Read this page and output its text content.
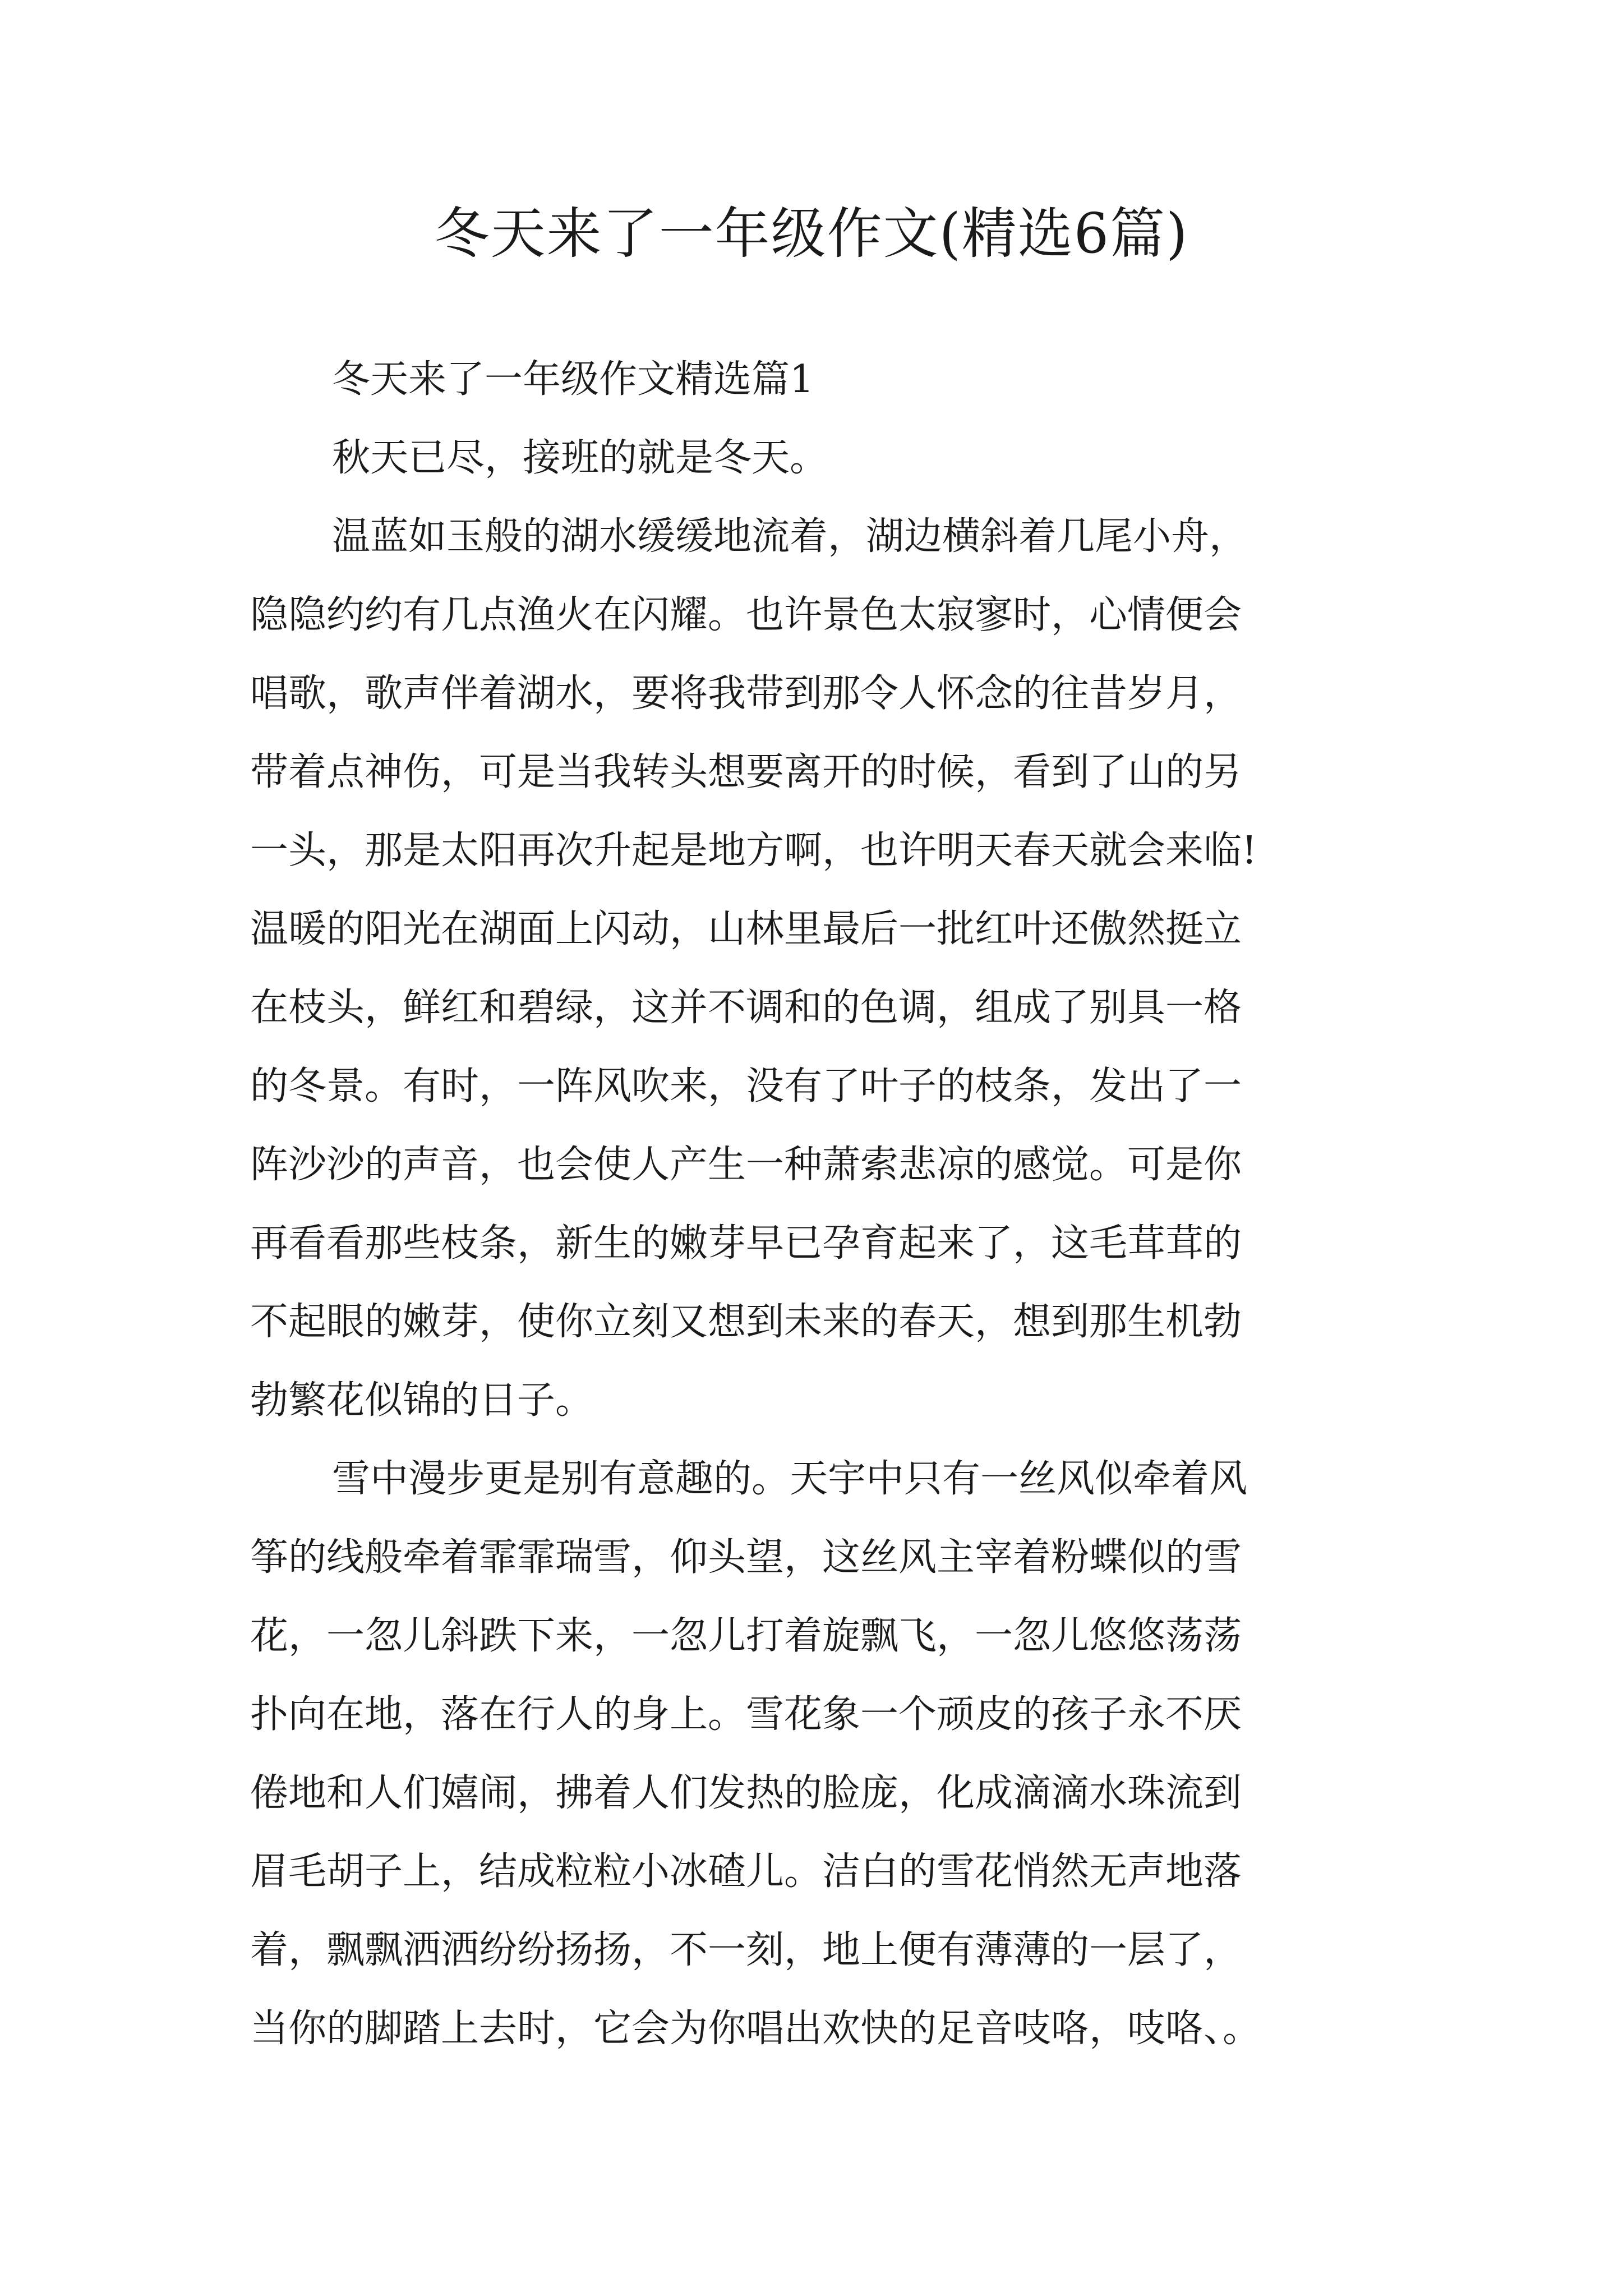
冬天来了一年级作文(精选6篇)
冬天来了一年级作文精选篇1
秋天已尽，接班的就是冬天。
温蓝如玉般的湖水缓缓地流着，湖边横斜着几尾小舟，
隐隐约约有几点渔火在闪耀。也许景色太寂寥时，心情便会
唱歌，歌声伴着湖水，要将我带到那令人怀念的往昔岁月，
带着点神伤，可是当我转头想要离开的时候，看到了山的另
一头，那是太阳再次升起是地方啊，也许明天春天就会来临!
温暖的阳光在湖面上闪动，山林里最后一批红叶还傲然挺立
在枝头，鲜红和碧绿，这并不调和的色调，组成了别具一格
的冬景。有时，一阵风吹来，没有了叶子的枝条，发出了一
阵沙沙的声音，也会使人产生一种萧索悲凉的感觉。可是你
再看看那些枝条，新生的嫩芽早已孕育起来了，这毛茸茸的
不起眼的嫩芽，使你立刻又想到未来的春天，想到那生机勃
勃繁花似锦的日子。
雪中漫步更是别有意趣的。天宇中只有一丝风似牵着风
筝的线般牵着霏霏瑞雪，仰头望，这丝风主宰着粉蝶似的雪
花，一忽儿斜跌下来，一忽儿打着旋飘飞，一忽儿悠悠荡荡
扑向在地，落在行人的身上。雪花象一个顽皮的孩子永不厌
倦地和人们嬉闹，拂着人们发热的脸庞，化成滴滴水珠流到
眉毛胡子上，结成粒粒小冰碴儿。洁白的雪花悄然无声地落
着，飘飘洒洒纷纷扬扬，不一刻，地上便有薄薄的一层了，
当你的脚踏上去时，它会为你唱出欢快的足音吱咯，吱咯、。
